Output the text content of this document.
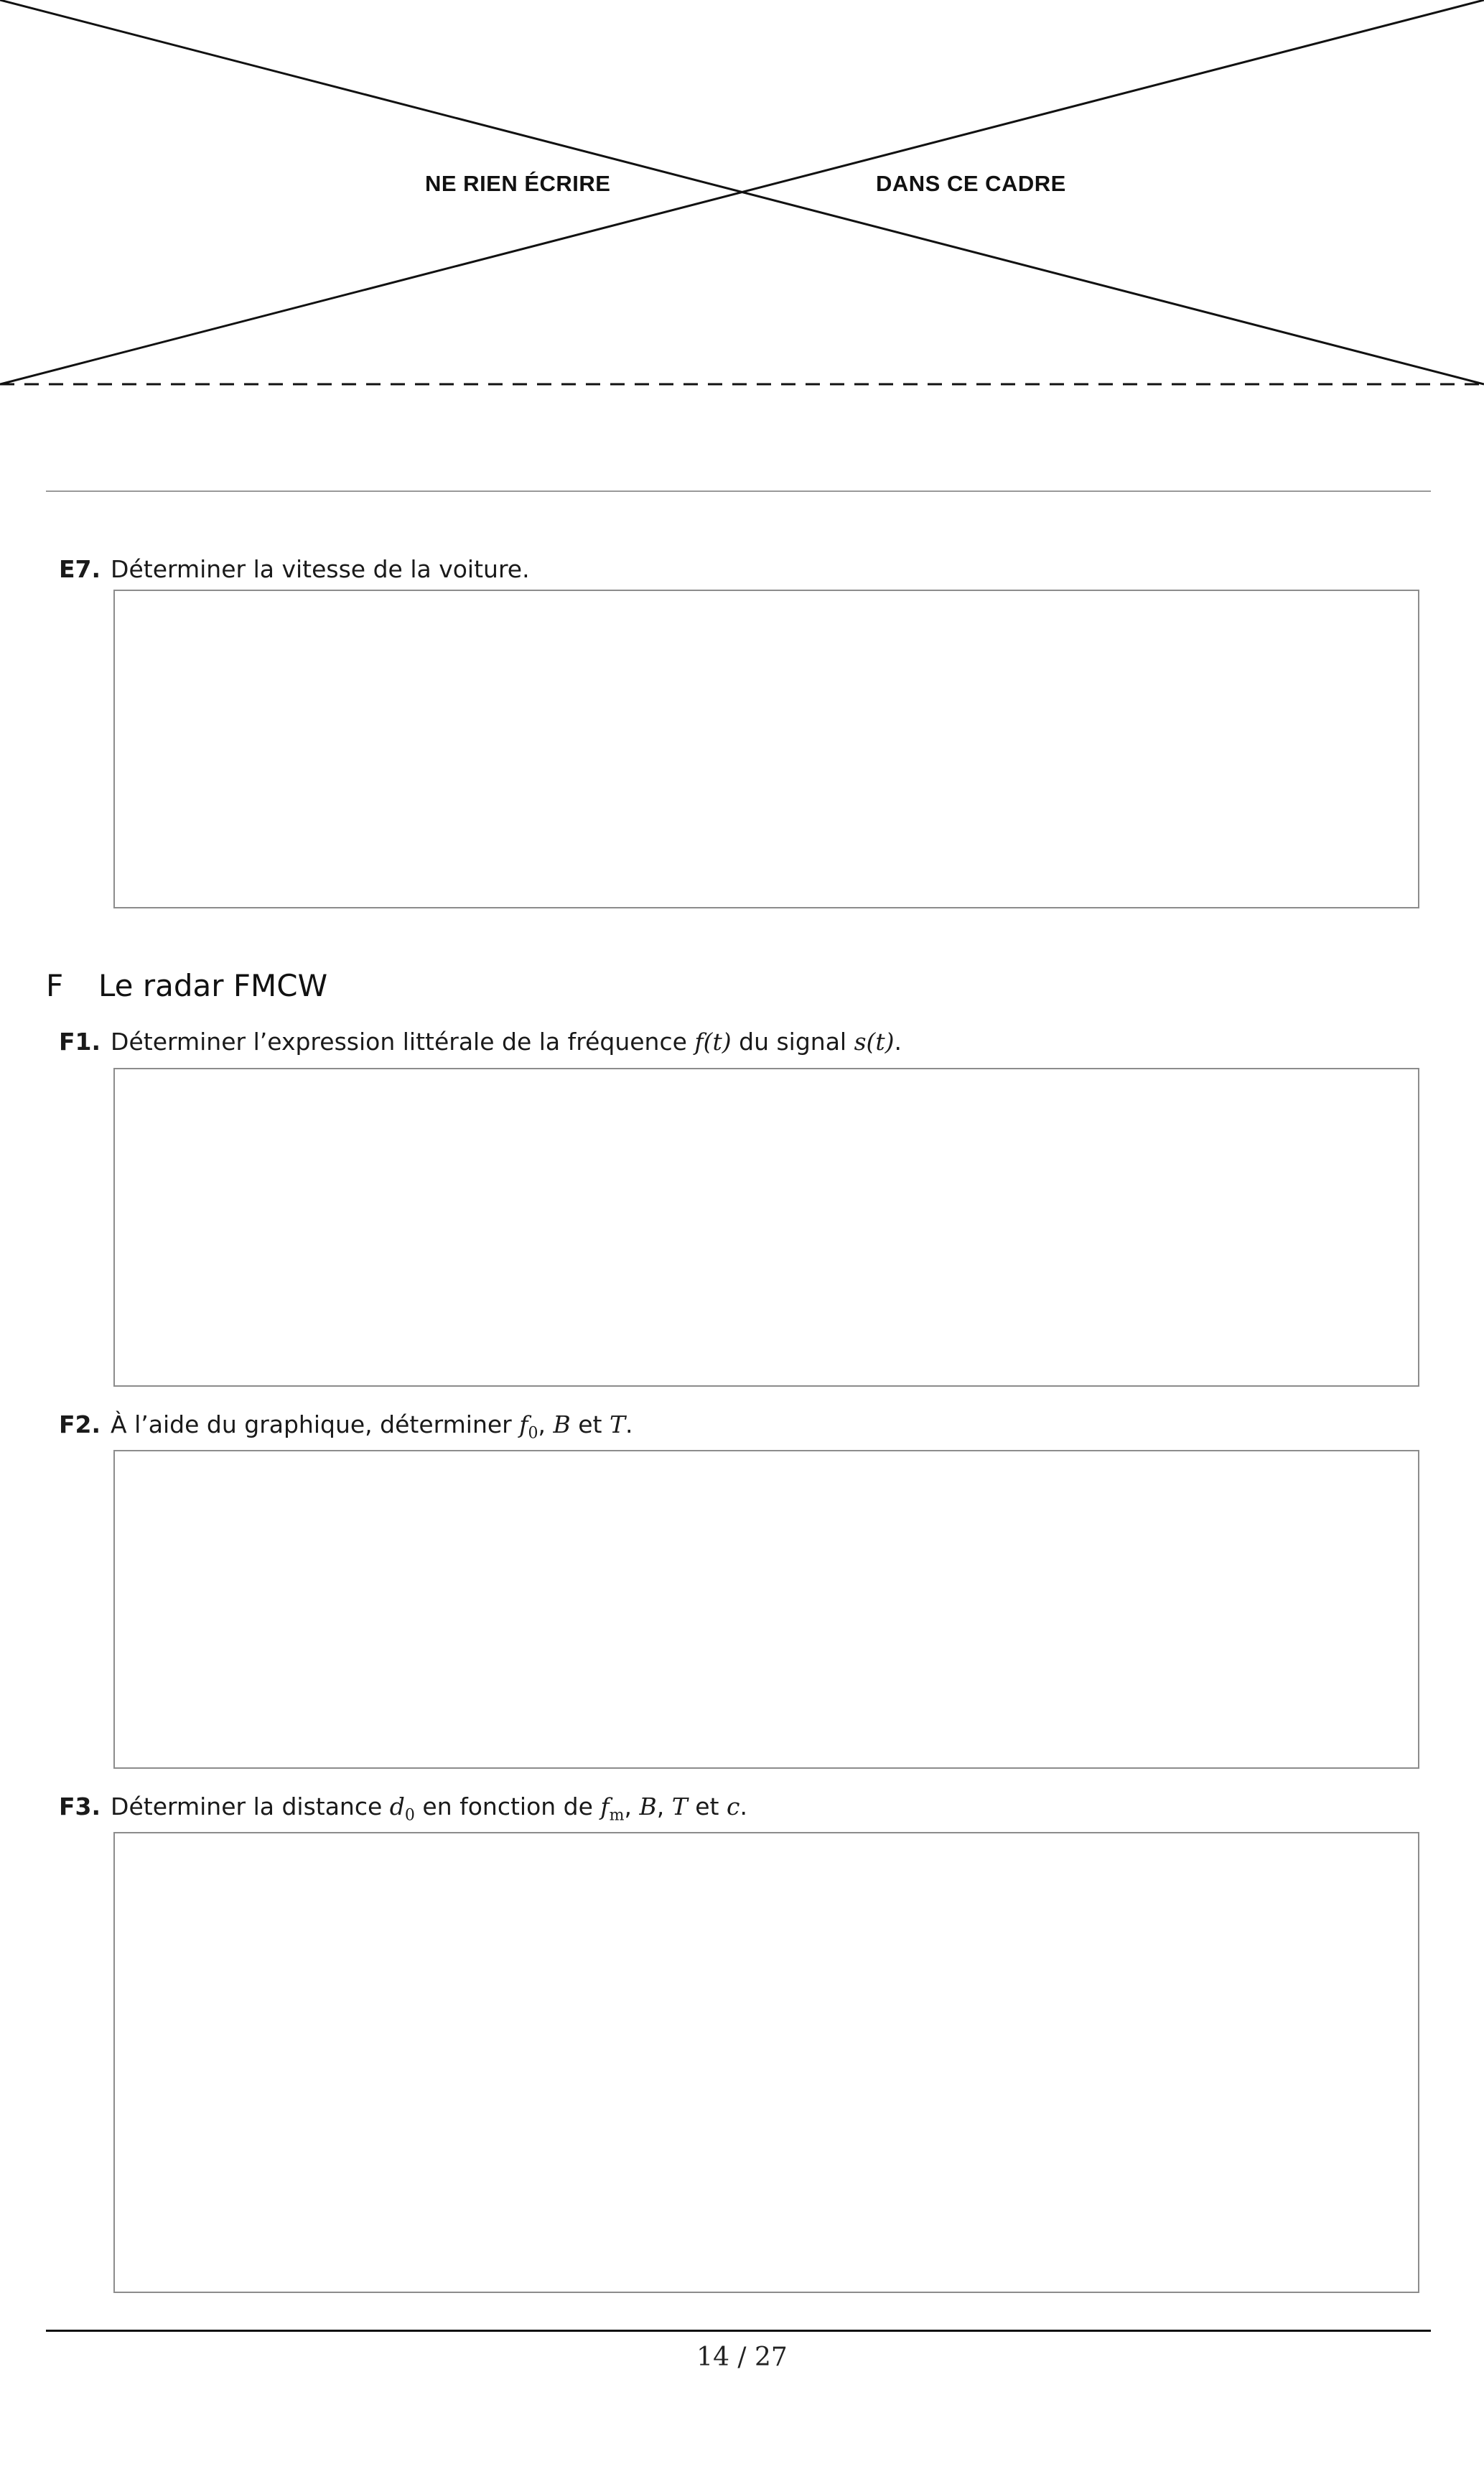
NE RIEN ÉCRIRE	DANS CE CADRE
E7. Déterminer la vitesse de la voiture.
F Le radar FMCW
F1. Déterminer l’expression littérale de la fréquence f(t) du signal s(t).
F2. À l’aide du graphique, déterminer $f_0$, B et T.
F3. Déterminer la distance $d_0$ en fonction de $f_m$, B, T et c.
14 / 27
